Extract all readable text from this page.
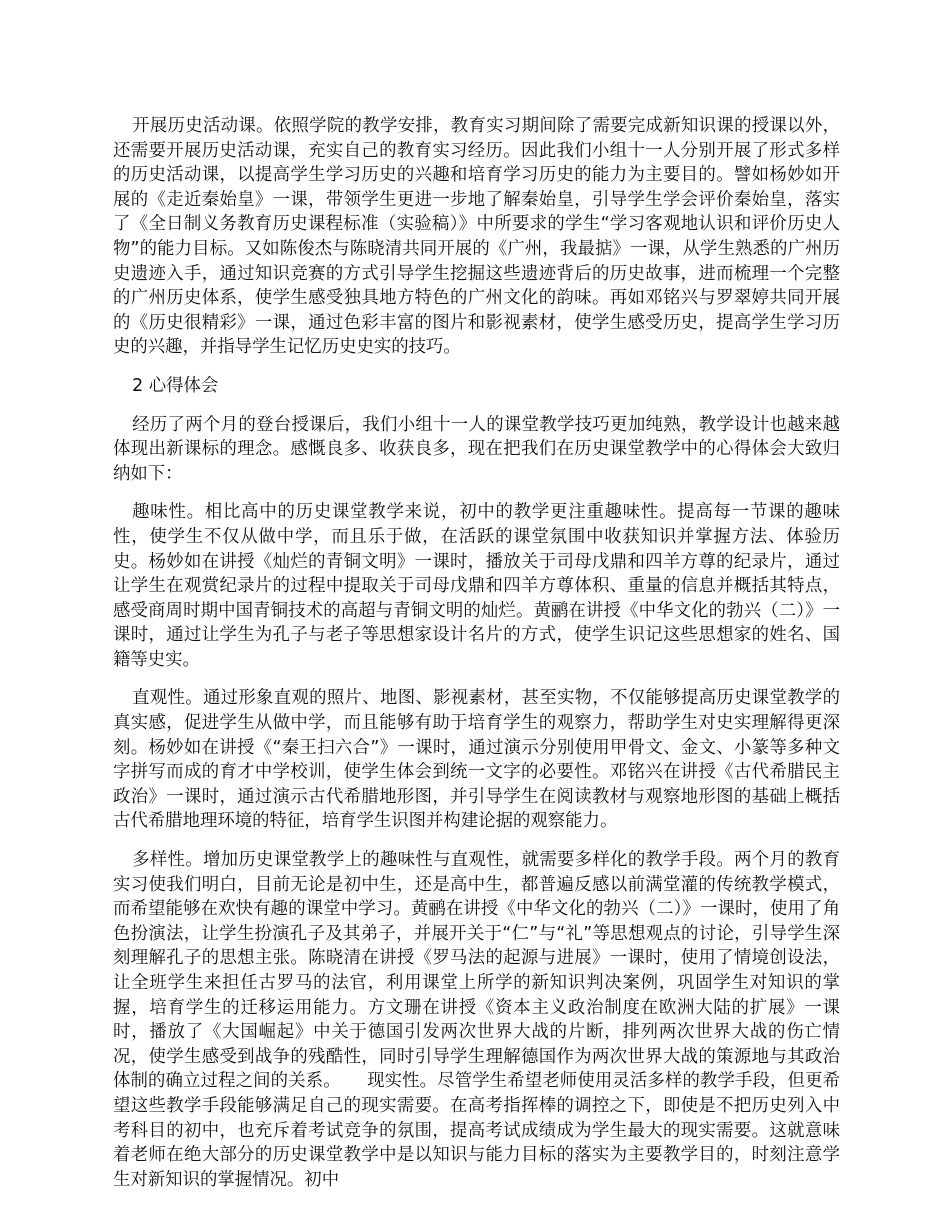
开展历史活动课。依照学院的教学安排，教育实习期间除了需要完成新知识课的授课以外，还需要开展历史活动课，充实自己的教育实习经历。因此我们小组十一人分别开展了形式多样的历史活动课，以提高学生学习历史的兴趣和培育学习历史的能力为主要目的。譬如杨妙如开展的《走近秦始皇》一课，带领学生更进一步地了解秦始皇，引导学生学会评价秦始皇，落实了《全日制义务教育历史课程标准（实验稿）》中所要求的学生“学习客观地认识和评价历史人物”的能力目标。又如陈俊杰与陈晓清共同开展的《广州，我最掂》一课，从学生熟悉的广州历史遗迹入手，通过知识竞赛的方式引导学生挖掘这些遗迹背后的历史故事，进而梳理一个完整的广州历史体系，使学生感受独具地方特色的广州文化的韵味。再如邓铭兴与罗翠婷共同开展的《历史很精彩》一课，通过色彩丰富的图片和影视素材，使学生感受历史，提高学生学习历史的兴趣，并指导学生记忆历史史实的技巧。

2 心得体会

经历了两个月的登台授课后，我们小组十一人的课堂教学技巧更加纯熟，教学设计也越来越体现出新课标的理念。感慨良多、收获良多，现在把我们在历史课堂教学中的心得体会大致归纳如下：

趣味性。相比高中的历史课堂教学来说，初中的教学更注重趣味性。提高每一节课的趣味性，使学生不仅从做中学，而且乐于做，在活跃的课堂氛围中收获知识并掌握方法、体验历史。杨妙如在讲授《灿烂的青铜文明》一课时，播放关于司母戊鼎和四羊方尊的纪录片，通过让学生在观赏纪录片的过程中提取关于司母戊鼎和四羊方尊体积、重量的信息并概括其特点，感受商周时期中国青铜技术的高超与青铜文明的灿烂。黄鹂在讲授《中华文化的勃兴（二）》一课时，通过让学生为孔子与老子等思想家设计名片的方式，使学生识记这些思想家的姓名、国籍等史实。

直观性。通过形象直观的照片、地图、影视素材，甚至实物，不仅能够提高历史课堂教学的真实感，促进学生从做中学，而且能够有助于培育学生的观察力，帮助学生对史实理解得更深刻。杨妙如在讲授《“秦王扫六合”》一课时，通过演示分别使用甲骨文、金文、小篆等多种文字拼写而成的育才中学校训，使学生体会到统一文字的必要性。邓铭兴在讲授《古代希腊民主政治》一课时，通过演示古代希腊地形图，并引导学生在阅读教材与观察地形图的基础上概括古代希腊地理环境的特征，培育学生识图并构建论据的观察能力。

多样性。增加历史课堂教学上的趣味性与直观性，就需要多样化的教学手段。两个月的教育实习使我们明白，目前无论是初中生，还是高中生，都普遍反感以前满堂灌的传统教学模式，而希望能够在欢快有趣的课堂中学习。黄鹂在讲授《中华文化的勃兴（二）》一课时，使用了角色扮演法，让学生扮演孔子及其弟子，并展开关于“仁”与“礼”等思想观点的讨论，引导学生深刻理解孔子的思想主张。陈晓清在讲授《罗马法的起源与进展》一课时，使用了情境创设法，让全班学生来担任古罗马的法官，利用课堂上所学的新知识判决案例，巩固学生对知识的掌握，培育学生的迁移运用能力。方文珊在讲授《资本主义政治制度在欧洲大陆的扩展》一课时，播放了《大国崛起》中关于德国引发两次世界大战的片断，排列两次世界大战的伤亡情况，使学生感受到战争的残酷性，同时引导学生理解德国作为两次世界大战的策源地与其政治体制的确立过程之间的关系。　　现实性。尽管学生希望老师使用灵活多样的教学手段，但更希望这些教学手段能够满足自己的现实需要。在高考指挥棒的调控之下，即使是不把历史列入中考科目的初中，也充斥着考试竞争的氛围，提高考试成绩成为学生最大的现实需要。这就意味着老师在绝大部分的历史课堂教学中是以知识与能力目标的落实为主要教学目的，时刻注意学生对新知识的掌握情况。初中
